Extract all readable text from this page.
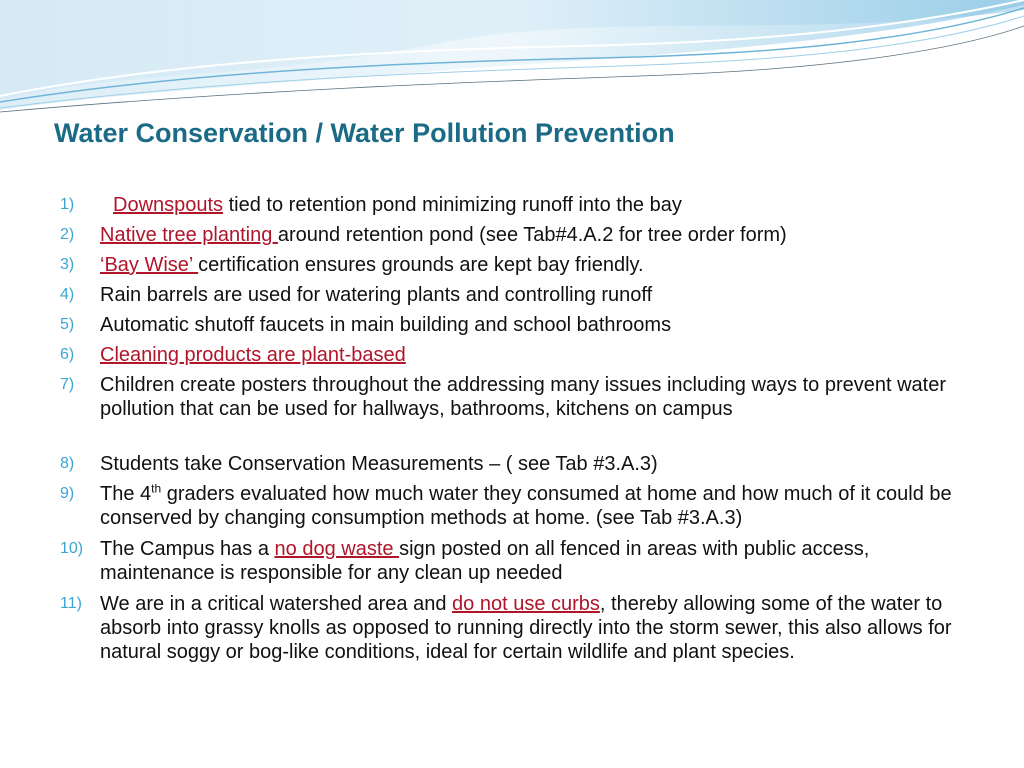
Water Conservation / Water Pollution Prevention
1) Downspouts tied to retention pond minimizing runoff into the bay
2) Native tree planting around retention pond (see Tab#4.A.2 for tree order form)
3) ‘Bay Wise’ certification ensures grounds are kept bay friendly.
4) Rain barrels are used for watering plants and controlling runoff
5) Automatic shutoff faucets in main building and school bathrooms
6) Cleaning products are plant-based
7) Children create posters throughout the addressing many issues including ways to prevent water pollution that can be used for hallways, bathrooms, kitchens on campus
8) Students take Conservation Measurements – ( see Tab #3.A.3)
9) The 4th graders evaluated how much water they consumed at home and how much of it could be conserved by changing consumption methods at home. (see Tab #3.A.3)
10) The Campus has a no dog waste sign posted on all fenced in areas with public access, maintenance is responsible for any clean up needed
11) We are in a critical watershed area and do not use curbs, thereby allowing some of the water to absorb into grassy knolls as opposed to running directly into the storm sewer, this also allows for natural soggy or bog-like conditions, ideal for certain wildlife and plant species.
